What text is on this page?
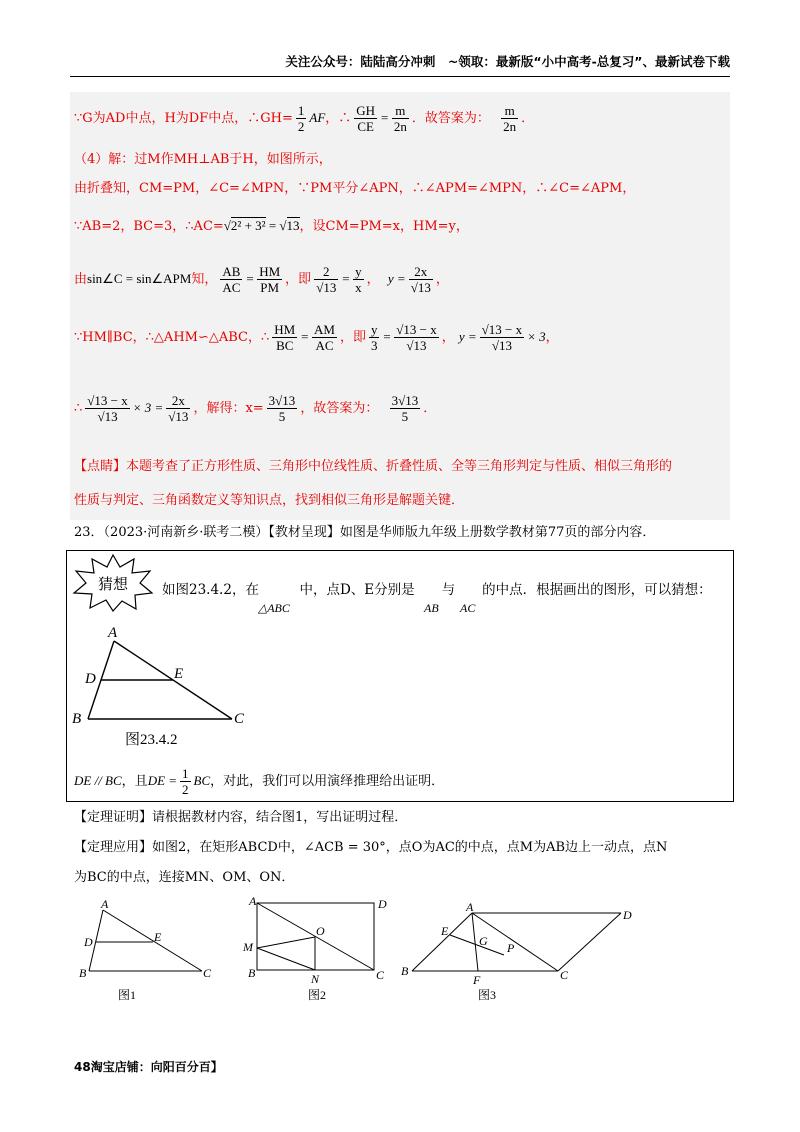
关注公众号：陆陆高分冲刺　~领取：最新版“小中高考-总复习”、最新试卷下载
∵G为AD中点，H为DF中点，∴GH= $\frac{1}{2}$ AF，∴ $\frac{GH}{CE} = \frac{m}{2n}$ ．故答案为： $\frac{m}{2n}$ ．
（4）解：过M作MH⊥AB于H，如图所示，
由折叠知，CM=PM，∠C=∠MPN，∵PM平分∠APN，∴∠APM=∠MPN，∴∠C=∠APM，
∵AB=2，BC=3，∴AC=√2² + 3² = √13，设CM=PM=x，HM=y，
由sin∠C = sin∠APM知， $\frac{AB}{AC} = \frac{HM}{PM}$ ，即 $\frac{2}{√13} = \frac{y}{x}$ ， $y = \frac{2x}{√13}$ ，
∵HM∥BC，∴△AHM∽△ABC，∴ $\frac{HM}{BC} = \frac{AM}{AC}$ ，即 $\frac{y}{3} = \frac{√13 - x}{√13}$ ， $y = \frac{√13 - x}{√13} \times 3$，
∴ $\frac{√13 - x}{√13} \times 3 = \frac{2x}{√13}$ ，解得：$x= \frac{3√13}{5}$ ，故答案为： $\frac{3√13}{5}$ ．
【点睛】本题考查了正方形性质、三角形中位线性质、折叠性质、全等三角形判定与性质、相似三角形的
性质与判定、三角函数定义等知识点，找到相似三角形是解题关键．
23．（2023·河南新乡·联考二模）【教材呈现】如图是华师版九年级上册数学教材第77页的部分内容．
猜想	如图23.4.2，在　　　中，点D、E分别是　　与　　的中点．根据画出的图形，可以猜想：
△ABC	AB AC
A
D	E
B	C
图23.4.2
DE // BC，且DE = $\frac{1}{2}$ BC，对此，我们可以用演绎推理给出证明．
【定理证明】请根据教材内容，结合图1，写出证明过程．
【定理应用】如图2，在矩形ABCD中，∠ACB = 30°，点O为AC的中点，点M为AB边上一动点，点N
为BC的中点，连接MN、OM、ON．
A
D	E
B	C
图1
A	D
M
O
B	N	C
图2
A
D
E
G P
B
F	C
图3
48淘宝店铺：向阳百分百】
